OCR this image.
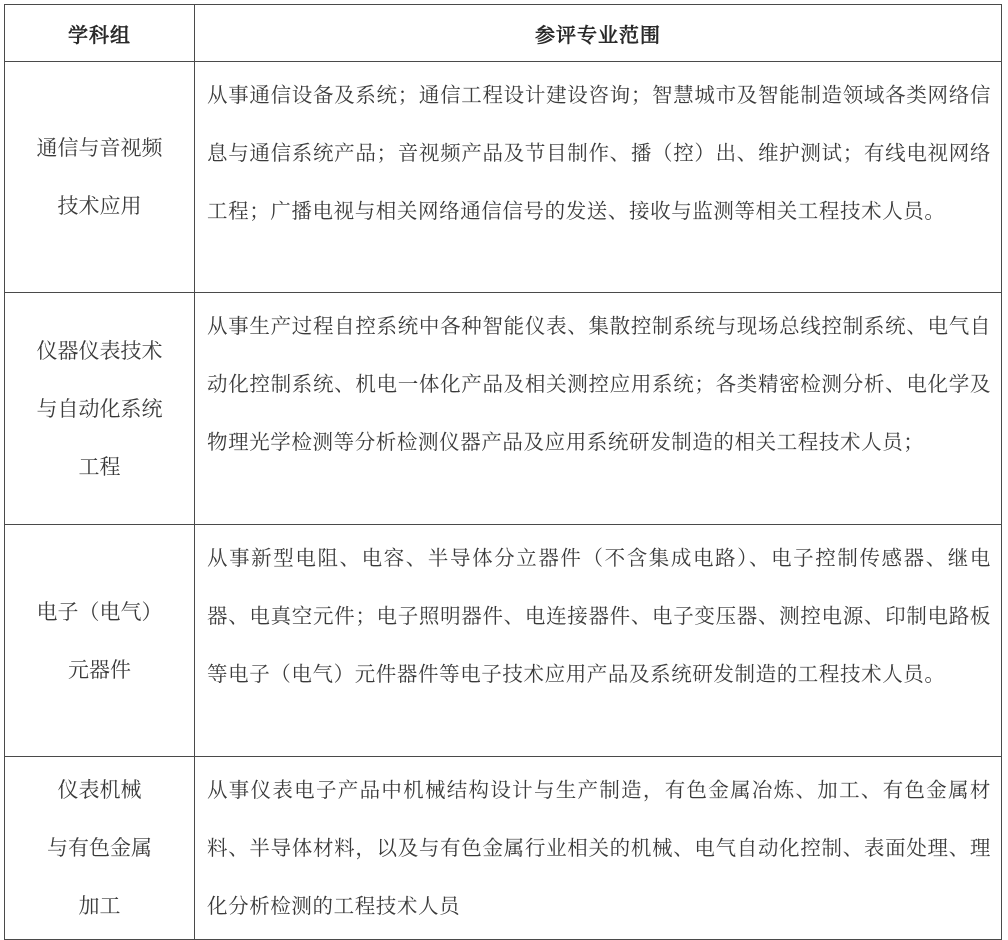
学科组	参评专业范围

通信与音视频
技术应用	从事通信设备及系统；通信工程设计建设咨询；智慧城市及智能制造领域各类网络信息与通信系统产品；音视频产品及节目制作、播（控）出、维护测试；有线电视网络工程；广播电视与相关网络通信信号的发送、接收与监测等相关工程技术人员。

仪器仪表技术
与自动化系统
工程	从事生产过程自控系统中各种智能仪表、集散控制系统与现场总线控制系统、电气自动化控制系统、机电一体化产品及相关测控应用系统；各类精密检测分析、电化学及物理光学检测等分析检测仪器产品及应用系统研发制造的相关工程技术人员；

电子（电气）
元器件	从事新型电阻、电容、半导体分立器件（不含集成电路）、电子控制传感器、继电器、电真空元件；电子照明器件、电连接器件、电子变压器、测控电源、印制电路板等电子（电气）元件器件等电子技术应用产品及系统研发制造的工程技术人员。

仪表机械
与有色金属
加工	从事仪表电子产品中机械结构设计与生产制造，有色金属冶炼、加工、有色金属材料、半导体材料，以及与有色金属行业相关的机械、电气自动化控制、表面处理、理化分析检测的工程技术人员
